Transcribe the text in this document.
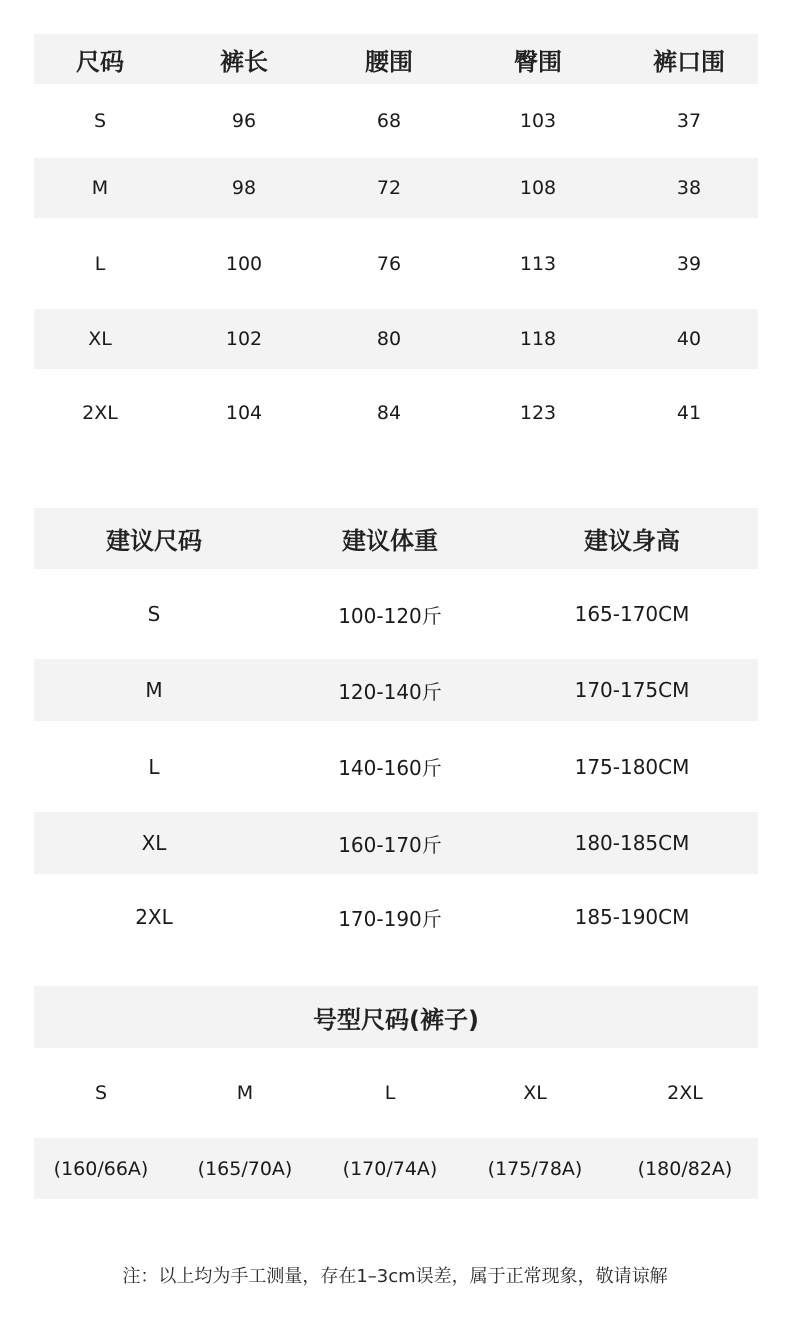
尺码	裤长	腰围	臀围	裤口围
S	96	68	103	37
M	98	72	108	38
L	100	76	113	39
XL	102	80	118	40
2XL	104	84	123	41
建议尺码	建议体重	建议身高
S	100-120斤	165-170CM
M	120-140斤	170-175CM
L	140-160斤	175-180CM
XL	160-170斤	180-185CM
2XL	170-190斤	185-190CM
号型尺码(裤子)
S	M	L	XL	2XL
(160/66A)	(165/70A)	(170/74A)	(175/78A)	(180/82A)
注：以上均为手工测量，存在1–3cm误差，属于正常现象，敬请谅解
